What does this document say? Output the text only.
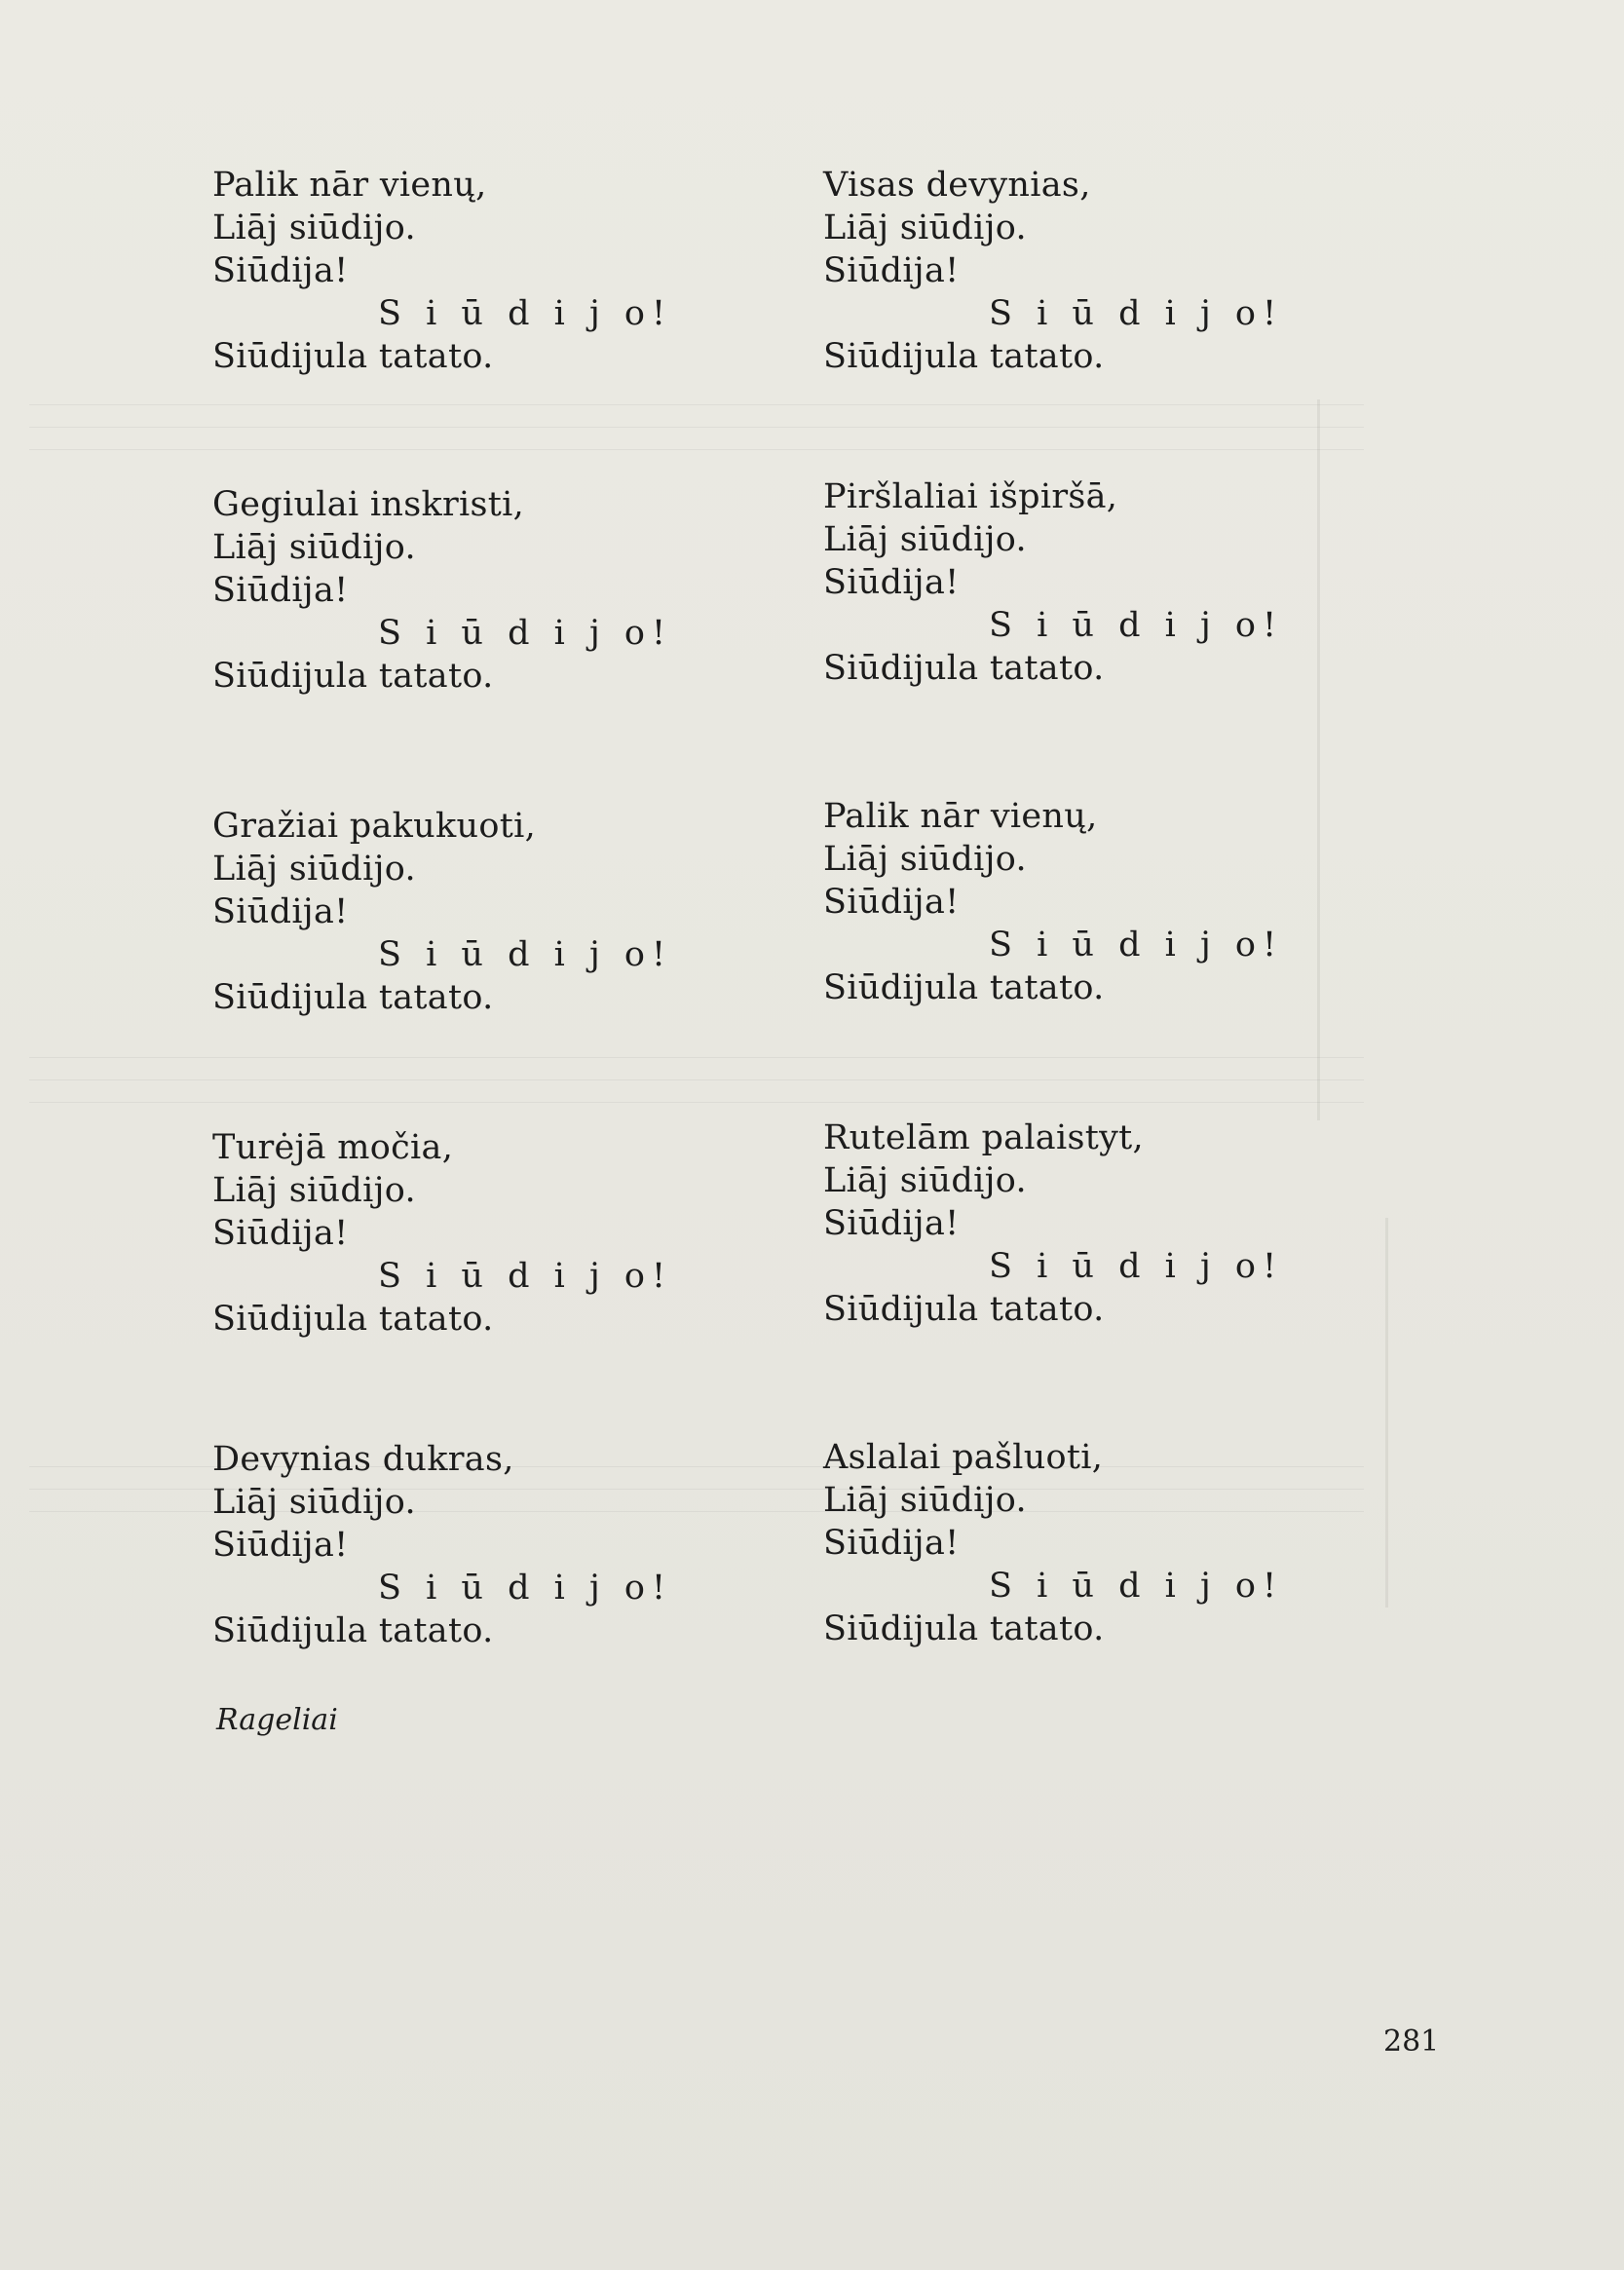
Palik nār vienų,
Liāj siūdijo.
Siūdija!
S i ū d i j o!
Siūdijula tatato.
Gegiulai inskristi,
Liāj siūdijo.
Siūdija!
S i ū d i j o!
Siūdijula tatato.
Gražiai pakukuoti,
Liāj siūdijo.
Siūdija!
S i ū d i j o!
Siūdijula tatato.
Turėjā močia,
Liāj siūdijo.
Siūdija!
S i ū d i j o!
Siūdijula tatato.
Devynias dukras,
Liāj siūdijo.
Siūdija!
S i ū d i j o!
Siūdijula tatato.
Visas devynias,
Liāj siūdijo.
Siūdija!
S i ū d i j o!
Siūdijula tatato.
Piršlaliai išpiršā,
Liāj siūdijo.
Siūdija!
S i ū d i j o!
Siūdijula tatato.
Palik nār vienų,
Liāj siūdijo.
Siūdija!
S i ū d i j o!
Siūdijula tatato.
Rutelām palaistyt,
Liāj siūdijo.
Siūdija!
S i ū d i j o!
Siūdijula tatato.
Aslalai pašluoti,
Liāj siūdijo.
Siūdija!
S i ū d i j o!
Siūdijula tatato.
Rageliai
281
